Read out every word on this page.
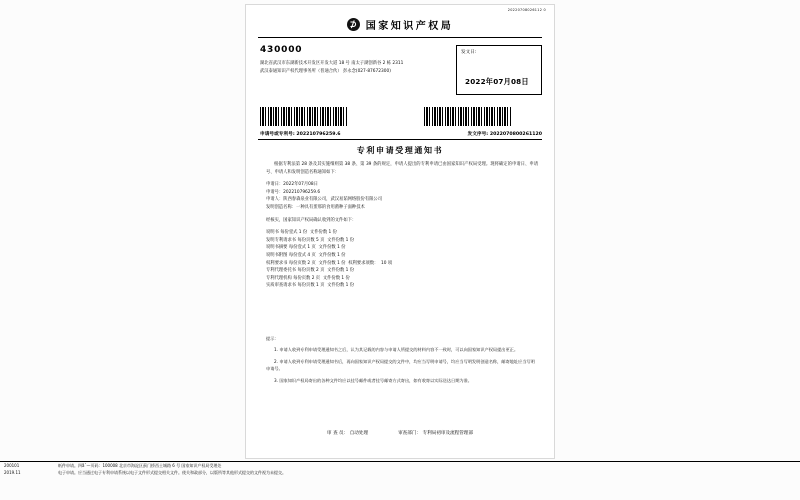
20220708026112 0
⊅ 国家知识产权局
430000
湖北省武汉市东湖新技术开发区开发大道 18 号 南太子湖创新谷 2 栋 2311
武汉泰通知识产权代理事务所（普通合伙） 彭永念(027-87672300)
发文日:
2022年07月08日
申请号或专利号: 202210796259.6	发文序号: 2022070800261120
专利申请受理通知书
根据专利法第 28 条及其实施细则第 38 条、第 39 条的规定，申请人提出的专利申请已由国家知识产权局受理。现将确定的申请日、申请号、申请人和发明创造名称通知如下：
申请日：2022年07月08日
申请号：202210796259.6
申请人：陕西春森泉业有限公司，武汉易茹网络股份有限公司
发明创造名称：一种具有蛋那的食用菌种子面种技术
经核实，国家知识产权局确认收到的文件如下：
说明书 每份壹式 1 份  文件份数 1 份
发明专利请求书 每份页数 5 页  文件份数 1 份
说明书摘要 每份壹式 1 页  文件份数 1 份
说明书附图 每份壹式 4 页  文件份数 1 份
权利要求书 每份页数 2 页  文件份数 1 份  权利要求项数：  10 项
专利代理委托书 每份页数 2 页  文件份数 1 份
专利代理机构 每份页数 2 页  文件份数 1 份
实质审查请求书 每份页数 1 页  文件份数 1 份
提示：
1. 申请人收到专利申请受理通知书之后，认为其记载的内容与申请人所提交的材料内容不一致时，可以向国家知识产权局提出更正。
2. 申请人收到专利申请受理通知书后，再向国家知识产权局提交的文件中，均应当写明申请号，均应当写明发明创造名称，邮寄地址应当写明申请号。
3. 国家知识产权局寄出的各种文件均应以挂号邮件或者挂号邮寄方式寄出，如有收寄以实际送达日期为准。
审 查 员： 自动处理	审查部门： 专利局初审及流程管理部
200101	纸件申请。四åˆ—页码：100008 北京市海淀区蓟门桥西土城路 6 号 国家知识产权局受理处
2019.11	电子申请。应当通过电子专利申请系统以电子文件形式提交相关文件。使关和政部分，以版所等其他形式提交的文件视为未提交。
